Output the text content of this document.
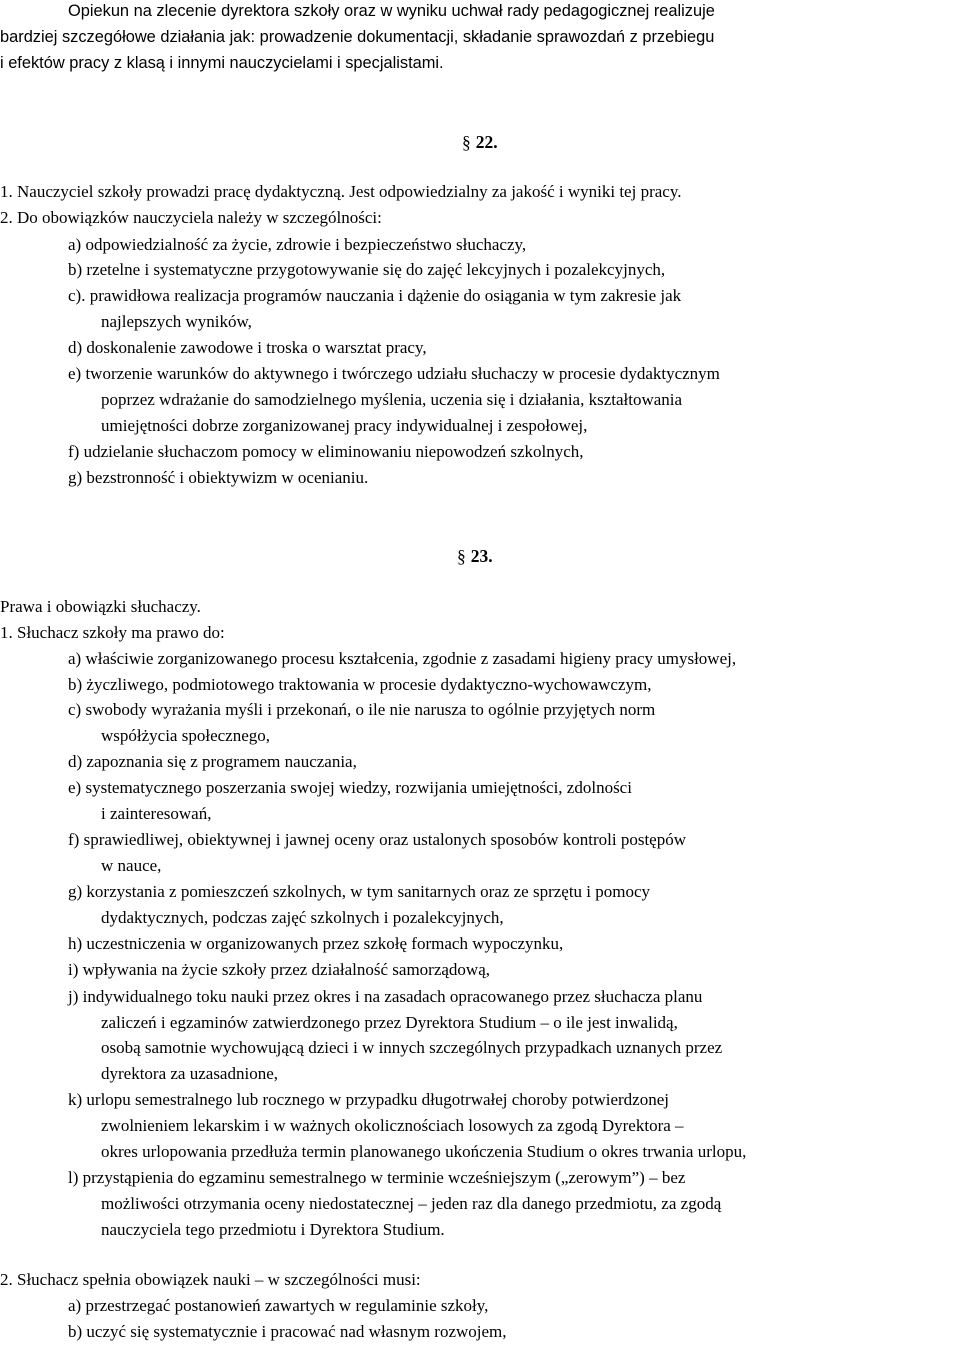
Opiekun na zlecenie dyrektora szkoły oraz w wyniku uchwał rady pedagogicznej realizuje
bardziej szczegółowe działania jak: prowadzenie dokumentacji, składanie sprawozdań z przebiegu
i efektów pracy z klasą i innymi nauczycielami i specjalistami.
§ 22.
1. Nauczyciel szkoły prowadzi pracę dydaktyczną. Jest odpowiedzialny za jakość i wyniki tej pracy.
2. Do obowiązków nauczyciela należy w szczególności:
a) odpowiedzialność za życie, zdrowie i bezpieczeństwo słuchaczy,
b) rzetelne i systematyczne przygotowywanie się do zajęć lekcyjnych i pozalekcyjnych,
c). prawidłowa realizacja programów nauczania i dążenie do osiągania w tym zakresie jak
najlepszych wyników,
d) doskonalenie zawodowe i troska o warsztat pracy,
e) tworzenie warunków do aktywnego i twórczego udziału słuchaczy w procesie dydaktycznym
poprzez wdrażanie do samodzielnego myślenia, uczenia się i działania, kształtowania
umiejętności dobrze zorganizowanej pracy indywidualnej i zespołowej,
f) udzielanie słuchaczom pomocy w eliminowaniu niepowodzeń szkolnych,
g) bezstronność i obiektywizm w ocenianiu.
§ 23.
Prawa i obowiązki słuchaczy.
1. Słuchacz szkoły ma prawo do:
a) właściwie zorganizowanego procesu kształcenia, zgodnie z zasadami higieny pracy umysłowej,
b) życzliwego, podmiotowego traktowania w procesie dydaktyczno-wychowawczym,
c) swobody wyrażania myśli i przekonań, o ile nie narusza to ogólnie przyjętych norm
współżycia społecznego,
d) zapoznania się z programem nauczania,
e) systematycznego poszerzania swojej wiedzy, rozwijania umiejętności, zdolności
i zainteresowań,
f) sprawiedliwej, obiektywnej i jawnej oceny oraz ustalonych sposobów kontroli postępów
w nauce,
g) korzystania z pomieszczeń szkolnych, w tym sanitarnych oraz ze sprzętu i pomocy
dydaktycznych, podczas zajęć szkolnych i pozalekcyjnych,
h) uczestniczenia w organizowanych przez szkołę formach wypoczynku,
i) wpływania na życie szkoły przez działalność samorządową,
j) indywidualnego toku nauki przez okres i na zasadach opracowanego przez słuchacza planu
zaliczeń i egzaminów zatwierdzonego przez Dyrektora Studium – o ile jest inwalidą,
osobą samotnie wychowującą dzieci i w innych szczególnych przypadkach uznanych przez
dyrektora za uzasadnione,
k) urlopu semestralnego lub rocznego w przypadku długotrwałej choroby potwierdzonej
zwolnieniem lekarskim i w ważnych okolicznościach losowych za zgodą Dyrektora –
okres urlopowania przedłuża termin planowanego ukończenia Studium o okres trwania urlopu,
l) przystąpienia do egzaminu semestralnego w terminie wcześniejszym („zerowym”) – bez
możliwości otrzymania oceny niedostatecznej – jeden raz dla danego przedmiotu, za zgodą
nauczyciela tego przedmiotu i Dyrektora Studium.
2. Słuchacz spełnia obowiązek nauki – w szczególności musi:
a) przestrzegać postanowień zawartych w regulaminie szkoły,
b) uczyć się systematycznie i pracować nad własnym rozwojem,
